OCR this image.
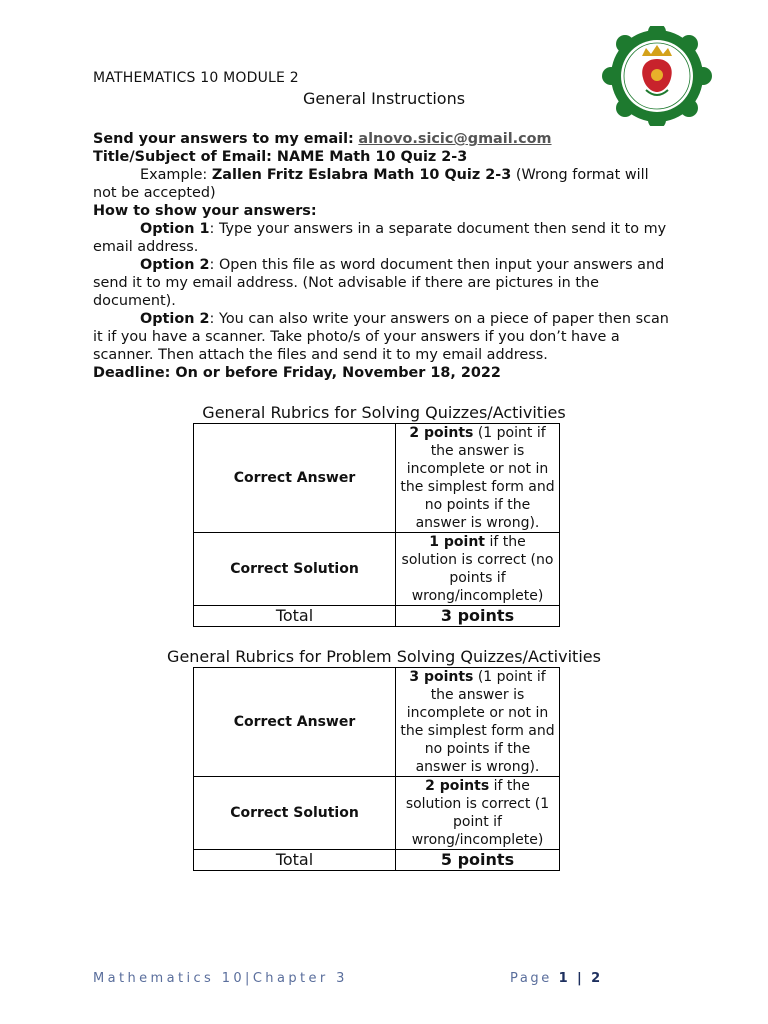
MATHEMATICS 10 MODULE 2
General Instructions

Send your answers to my email: alnovo.sicic@gmail.com

Title/Subject of Email: NAME Math 10 Quiz 2-3

Example: Zallen Fritz Eslabra Math 10 Quiz 2-3 (Wrong format will not be accepted)

How to show your answers:

Option 1: Type your answers in a separate document then send it to my email address.

Option 2: Open this file as word document then input your answers and send it to my email address. (Not advisable if there are pictures in the document).

Option 2: You can also write your answers on a piece of paper then scan it if you have a scanner. Take photo/s of your answers if you don’t have a scanner. Then attach the files and send it to my email address.

Deadline: On or before Friday, November 18, 2022

General Rubrics for Solving Quizzes/Activities
Correct Answer	2 points (1 point if the answer is incomplete or not in the simplest form and no points if the answer is wrong).
Correct Solution	1 point if the solution is correct (no points if wrong/incomplete)
Total	3 points
General Rubrics for Problem Solving Quizzes/Activities
Correct Answer	3 points (1 point if the answer is incomplete or not in the simplest form and no points if the answer is wrong).
Correct Solution	2 points if the solution is correct (1 point if wrong/incomplete)
Total	5 points
Mathematics 10|Chapter 3	Page 1 | 2
